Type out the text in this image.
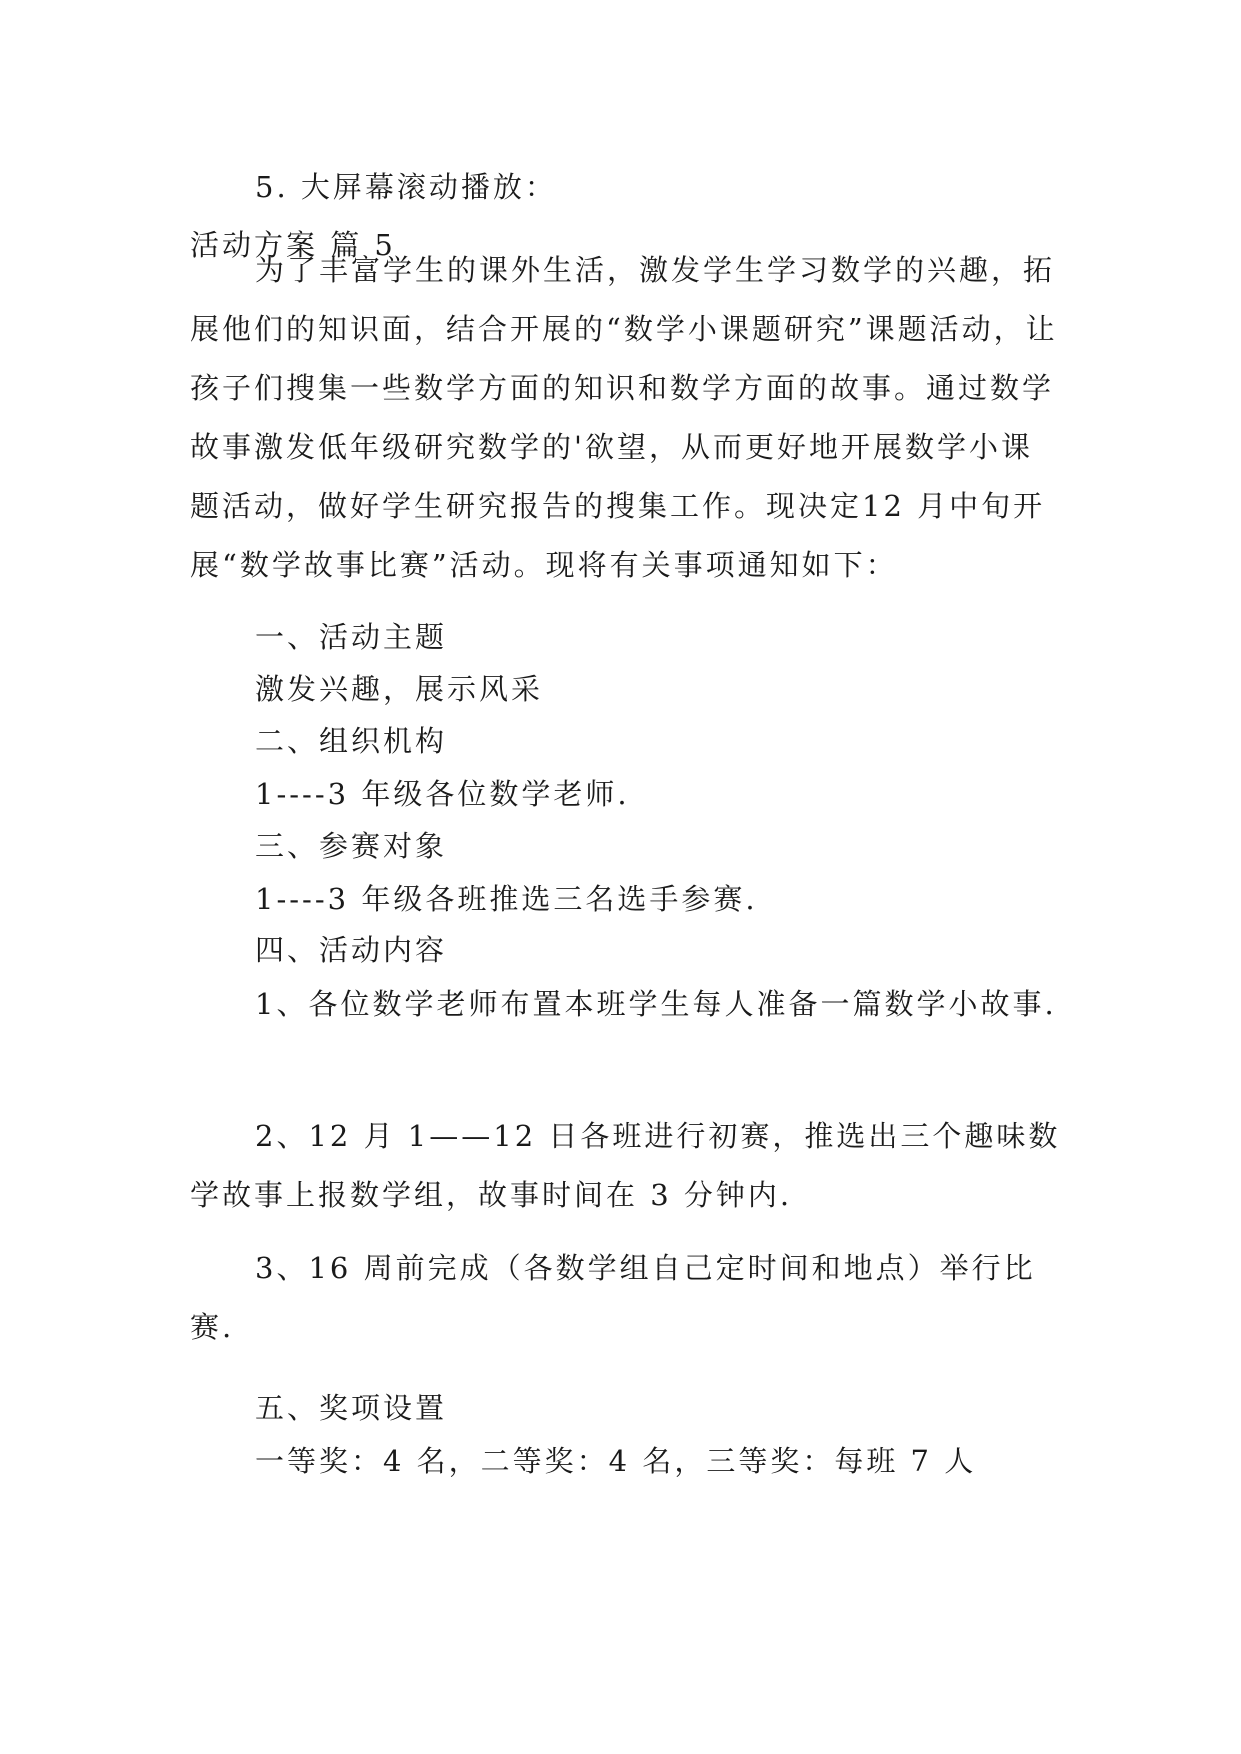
5. 大屏幕滚动播放：
活动方案 篇 5

为了丰富学生的课外生活，激发学生学习数学的兴趣，拓展他们的知识面，结合开展的“数学小课题研究”课题活动，让孩子们搜集一些数学方面的知识和数学方面的故事。通过数学故事激发低年级研究数学的'欲望，从而更好地开展数学小课题活动，做好学生研究报告的搜集工作。现决定12 月中旬开展“数学故事比赛”活动。现将有关事项通知如下：

一、活动主题
激发兴趣，展示风采
二、组织机构
1----3 年级各位数学老师.
三、参赛对象
1----3 年级各班推选三名选手参赛.
四、活动内容

1、各位数学老师布置本班学生每人准备一篇数学小故事.

2、12 月 1——12 日各班进行初赛，推选出三个趣味数学故事上报数学组，故事时间在 3 分钟内.

3、16 周前完成（各数学组自己定时间和地点）举行比赛.

五、奖项设置
一等奖：4 名，二等奖：4 名，三等奖：每班 7 人
